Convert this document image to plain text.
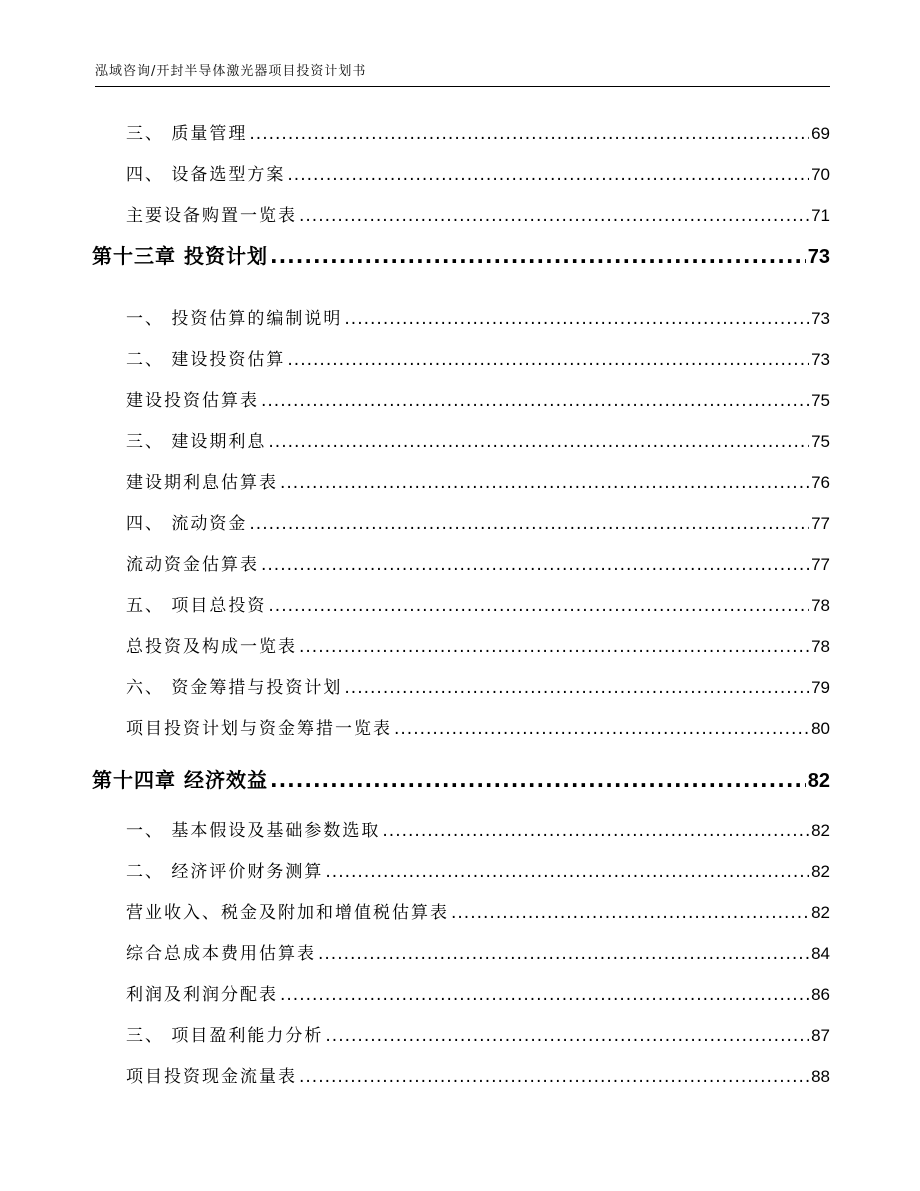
泓域咨询/开封半导体激光器项目投资计划书
三、 质量管理 .....	69
四、 设备选型方案 .....	70
主要设备购置一览表 .....	71
第十三章 投资计划 .....	73
一、 投资估算的编制说明 .....	73
二、 建设投资估算 .....	73
建设投资估算表 .....	75
三、 建设期利息 .....	75
建设期利息估算表 .....	76
四、 流动资金 .....	77
流动资金估算表 .....	77
五、 项目总投资 .....	78
总投资及构成一览表 .....	78
六、 资金筹措与投资计划 .....	79
项目投资计划与资金筹措一览表 .....	80
第十四章 经济效益 .....	82
一、 基本假设及基础参数选取 .....	82
二、 经济评价财务测算 .....	82
营业收入、税金及附加和增值税估算表 .....	82
综合总成本费用估算表 .....	84
利润及利润分配表 .....	86
三、 项目盈利能力分析 .....	87
项目投资现金流量表 .....	88
